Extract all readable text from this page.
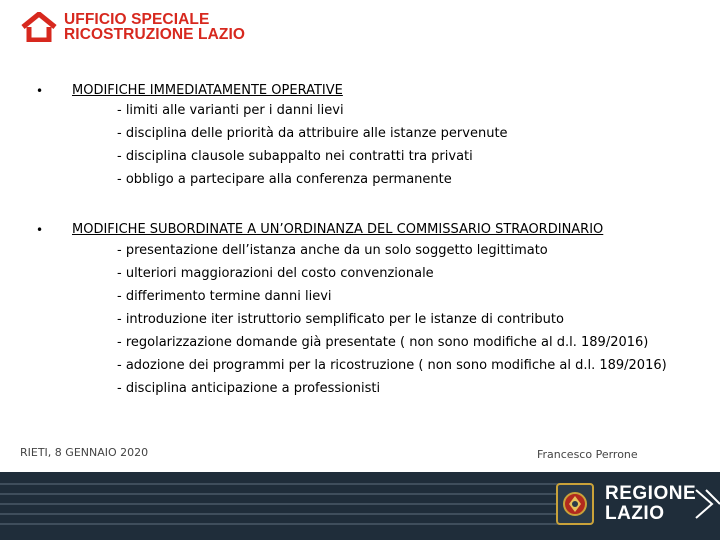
UFFICIO SPECIALE
RICOSTRUZIONE LAZIO
• MODIFICHE IMMEDIATAMENTE OPERATIVE
- limiti alle varianti per i danni lievi
- disciplina delle priorità da attribuire alle istanze pervenute
- disciplina clausole subappalto nei contratti tra privati
- obbligo a partecipare alla conferenza permanente
• MODIFICHE SUBORDINATE A UN’ORDINANZA DEL COMMISSARIO STRAORDINARIO
- presentazione dell’istanza anche da un solo soggetto legittimato
- ulteriori maggiorazioni del costo convenzionale
- differimento termine danni lievi
- introduzione iter istruttorio semplificato per le istanze di contributo
- regolarizzazione domande già presentate ( non sono modifiche al d.l. 189/2016)
- adozione dei programmi per la ricostruzione ( non sono modifiche al d.l. 189/2016)
- disciplina anticipazione a professionisti
RIETI, 8 GENNAIO 2020	Francesco Perrone
REGIONE
LAZIO
